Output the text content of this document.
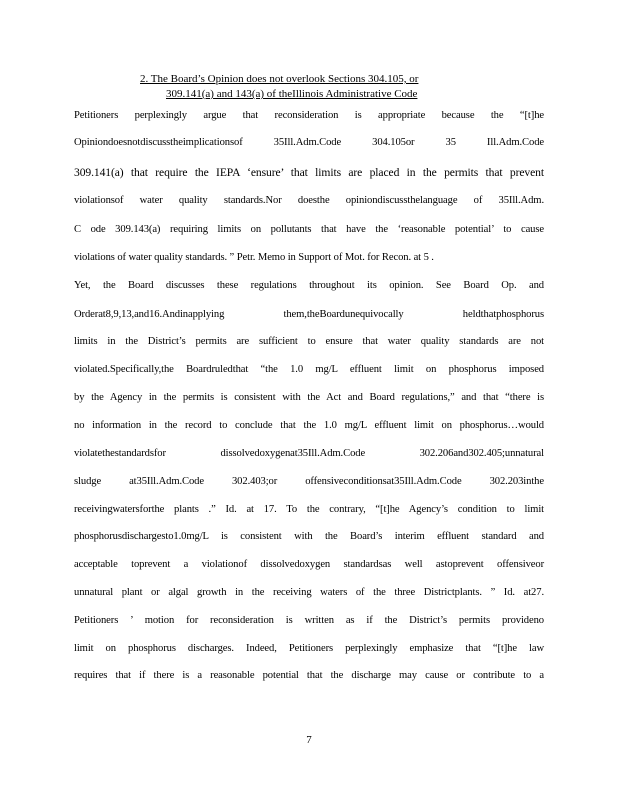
2. The Board’s Opinion does not overlook Sections 304.105, or
309.141(a) and 143(a) of theIllinois Administrative Code
Petitioners perplexingly argue that reconsideration is appropriate because the “[t]he
Opiniondoesnotdiscusstheimplicationsof 35Ill.Adm.Code 304.105or 35 Ill.Adm.Code
309.141(a) that require the IEPA ‘ensure’ that limits are placed in the permits that prevent
violationsof water quality standards.Nor doesthe opiniondiscussthelanguage of 35Ill.Adm.
C ode 309.143(a) requiring limits on pollutants that have the ‘reasonable potential’ to cause
violations of water quality standards. ” Petr. Memo in Support of Mot. for Recon. at 5 .
Yet, the Board discusses these regulations throughout its opinion. See Board Op. and
Orderat8,9,13,and16.Andinapplying them,theBoardunequivocally heldthatphosphorus
limits in the District’s permits are sufficient to ensure that water quality standards are not
violated.Specifically,the Boardruledthat “the 1.0 mg/L effluent limit on phosphorus imposed
by the Agency in the permits is consistent with the Act and Board regulations,” and that “there is
no information in the record to conclude that the 1.0 mg/L effluent limit on phosphorus…would
violatethestandardsfor dissolvedoxygenat35Ill.Adm.Code 302.206and302.405;unnatural
sludge at35Ill.Adm.Code 302.403;or offensiveconditionsat35Ill.Adm.Code 302.203inthe
receivingwatersforthe plants .” Id. at 17. To the contrary, “[t]he Agency’s condition to limit
phosphorusdischargesto1.0mg/L is consistent with the Board’s interim effluent standard and
acceptable toprevent a violationof dissolvedoxygen standardsas well astoprevent offensiveor
unnatural plant or algal growth in the receiving waters of the three Districtplants. ” Id. at27.
Petitioners ’ motion for reconsideration is written as if the District’s permits provideno
limit on phosphorus discharges. Indeed, Petitioners perplexingly emphasize that “[t]he law
requires that if there is a reasonable potential that the discharge may cause or contribute to a
7
